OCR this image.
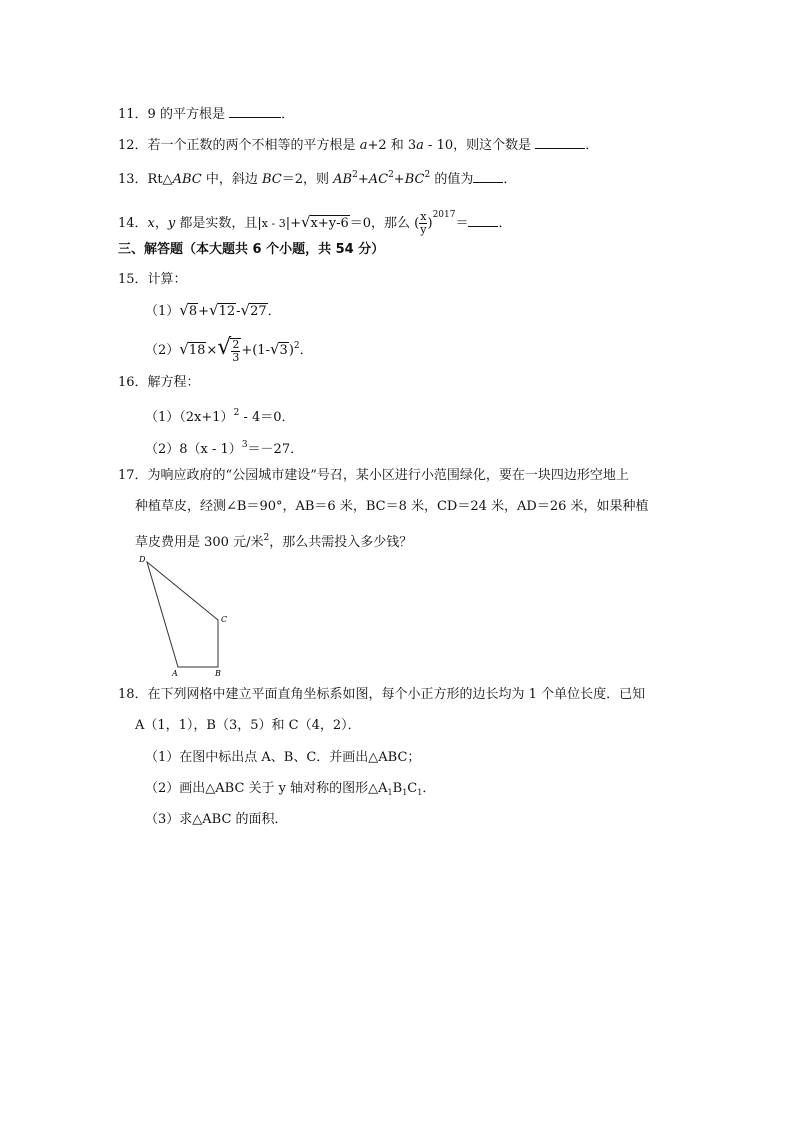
11．9 的平方根是	．
12．若一个正数的两个不相等的平方根是 a+2 和 3a - 10，则这个数是	．
13．Rt△ABC 中，斜边 BC＝2，则 $AB^2+AC^2+BC^2$ 的值为 ．
14．x，y 都是实数，且|x - 3|+√x+y-6＝0，那么 ( $\frac{x}{y} )^{2017}=$ ．
三、解答题（本大题共 6 个小题，共 54 分）
15．计算：
（1）√8+√12-√27．
$(2)√18\times√ \frac{2}{3} +(1-√3)^2$．
16．解方程：
$(1)(2x+1)^2 - 4=0$．
（2）8（x - 1）$^3$＝－27．
17．为响应政府的“公园城市建设”号召，某小区进行小范围绿化，要在一块四边形空地上
种植草皮，经测∠B＝90°，AB＝6 米，BC＝8 米，CD＝24 米，AD＝26 米，如果种植
草皮费用是 300 元/米$^2$，那么共需投入多少钱？
D
C
A	B
18．在下列网格中建立平面直角坐标系如图，每个小正方形的边长均为 1 个单位长度．已知
A（1，1），B（3，5）和 C（4，2）．
（1）在图中标出点 A、B、C．并画出△ABC；
（2）画出△ABC 关于 y 轴对称的图形$\triangle A_1B_1C_1$．
（3）求△ABC 的面积．
